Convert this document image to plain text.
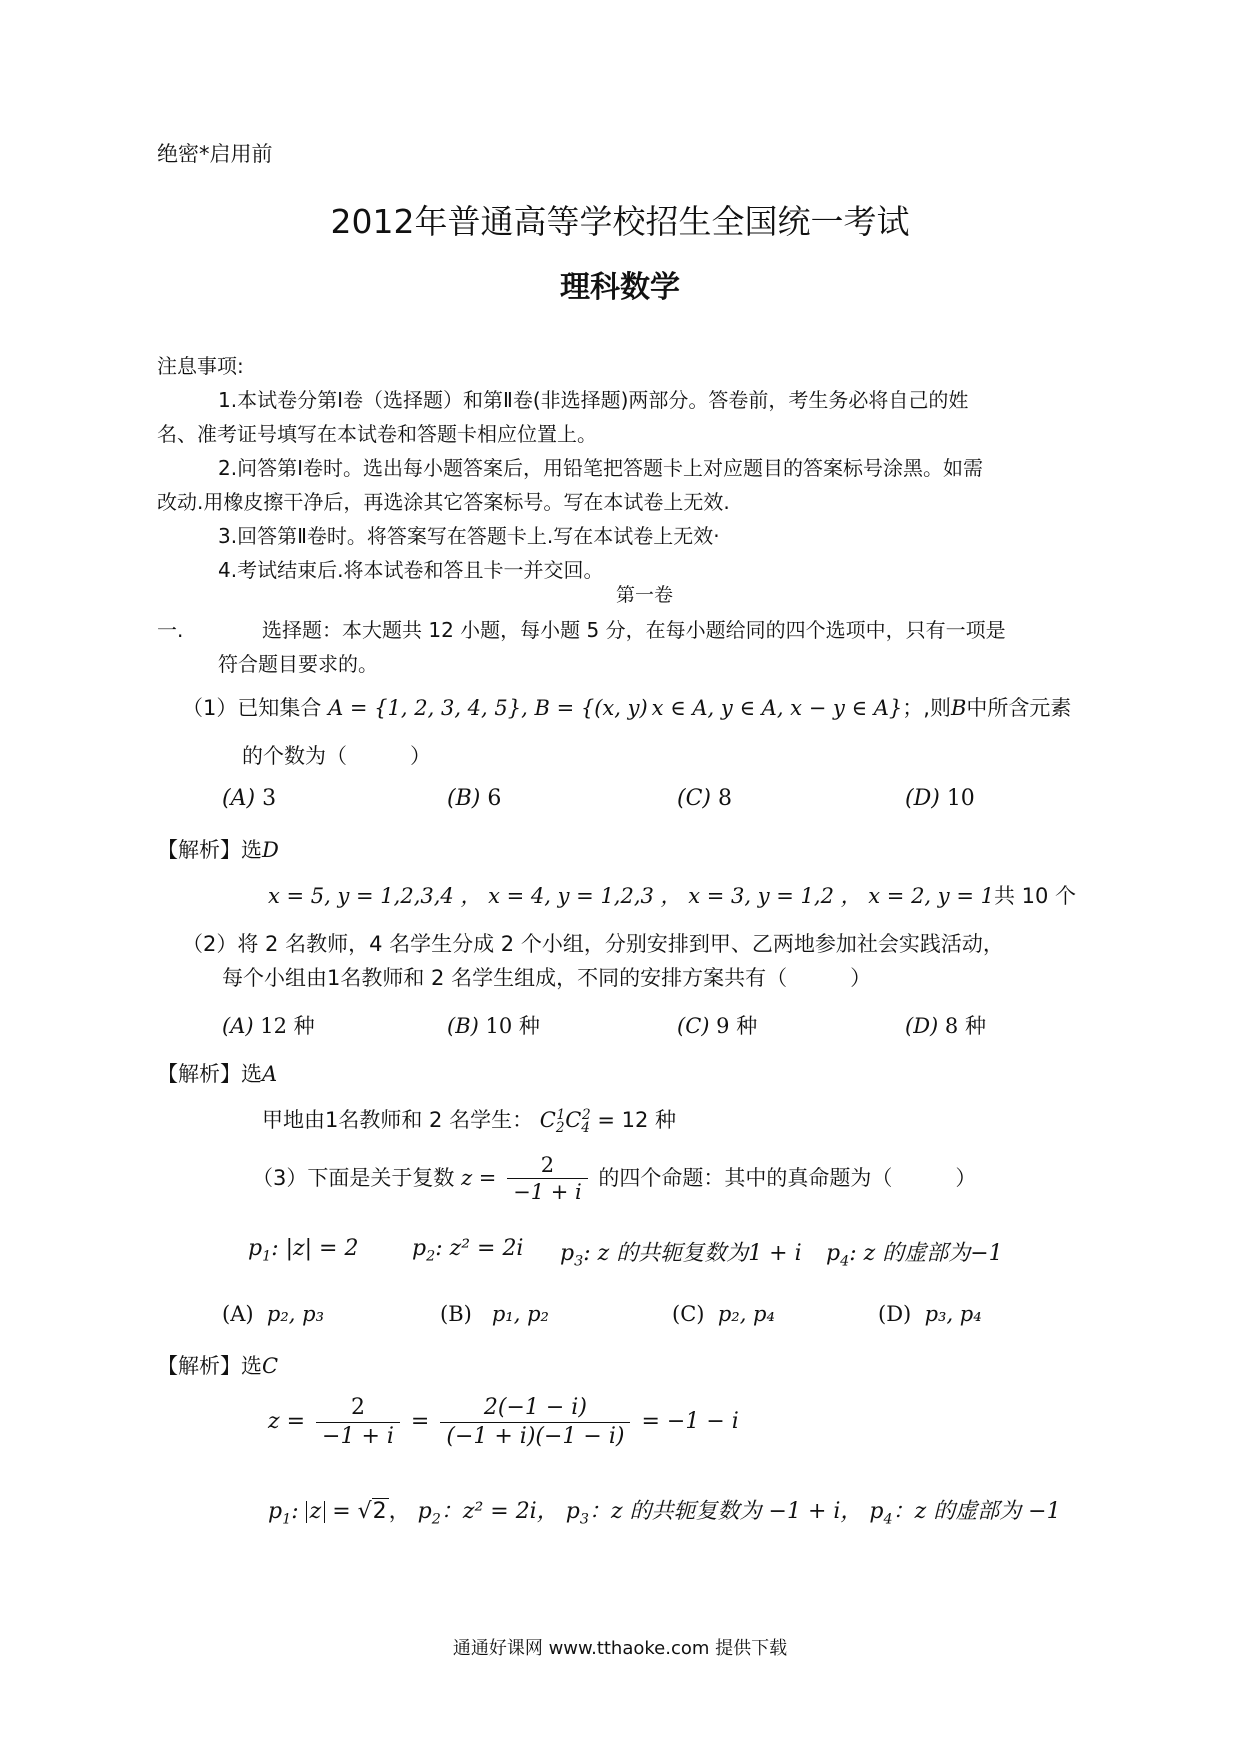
绝密*启用前
2012年普通高等学校招生全国统一考试
理科数学
注息事项:
1.本试卷分第Ⅰ卷（选择题）和第Ⅱ卷(非选择题)两部分。答卷前，考生务必将自己的姓
名、准考证号填写在本试卷和答题卡相应位置上。
2.问答第Ⅰ卷时。选出每小题答案后，用铅笔把答题卡上对应题目的答案标号涂黑。如需
改动.用橡皮擦干净后，再选涂其它答案标号。写在本试卷上无效.
3.回答第Ⅱ卷时。将答案写在答题卡上.写在本试卷上无效·
4.考试结束后.将本试卷和答且卡一并交回。
第一卷
一.	选择题：本大题共 12 小题，每小题 5 分，在每小题给同的四个选项中，只有一项是
符合题目要求的。
（1）已知集合 A = {1, 2, 3, 4, 5}, B = {(x, y) x ∈ A, y ∈ A, x − y ∈ A}；,则B中所含元素
的个数为（　　　）
(A) 3	(B) 6	(C) 8	(D) 10
【解析】选D
x = 5, y = 1,2,3,4 ， x = 4, y = 1,2,3 ， x = 3, y = 1,2 ， x = 2, y = 1共 10 个
（2）将 2 名教师，4 名学生分成 2 个小组，分别安排到甲、乙两地参加社会实践活动，
每个小组由1名教师和 2 名学生组成，不同的安排方案共有（　　　）
(A) 12 种	(B) 10 种	(C) 9 种	(D) 8 种
【解析】选A
甲地由1名教师和 2 名学生： $C_2^1C_4^2 = 12$ 种
（3）下面是关于复数 $z = \frac{2}{-1 + i}$ 的四个命题：其中的真命题为（　　　）
$p_1$: |z| = 2 $p_2$: z² = 2i $p_3$: z 的共轭复数为1 + i $p_4$: z 的虚部为−1
(A) p₂, p₃	(B) p₁, p₂	(C) p₂, p₄	(D) p₃, p₄
【解析】选C
$z = \frac{2}{-1 + i} = \frac{2(-1 - i)}{(-1 + i)(-1 - i)} = -1 - i$
$p_1$: z = √2， $p_2$：z² = 2i， $p_3$：z 的共轭复数为 −1 + i， $p_4$：z 的虚部为 −1
通通好课网 www.tthaoke.com 提供下载
